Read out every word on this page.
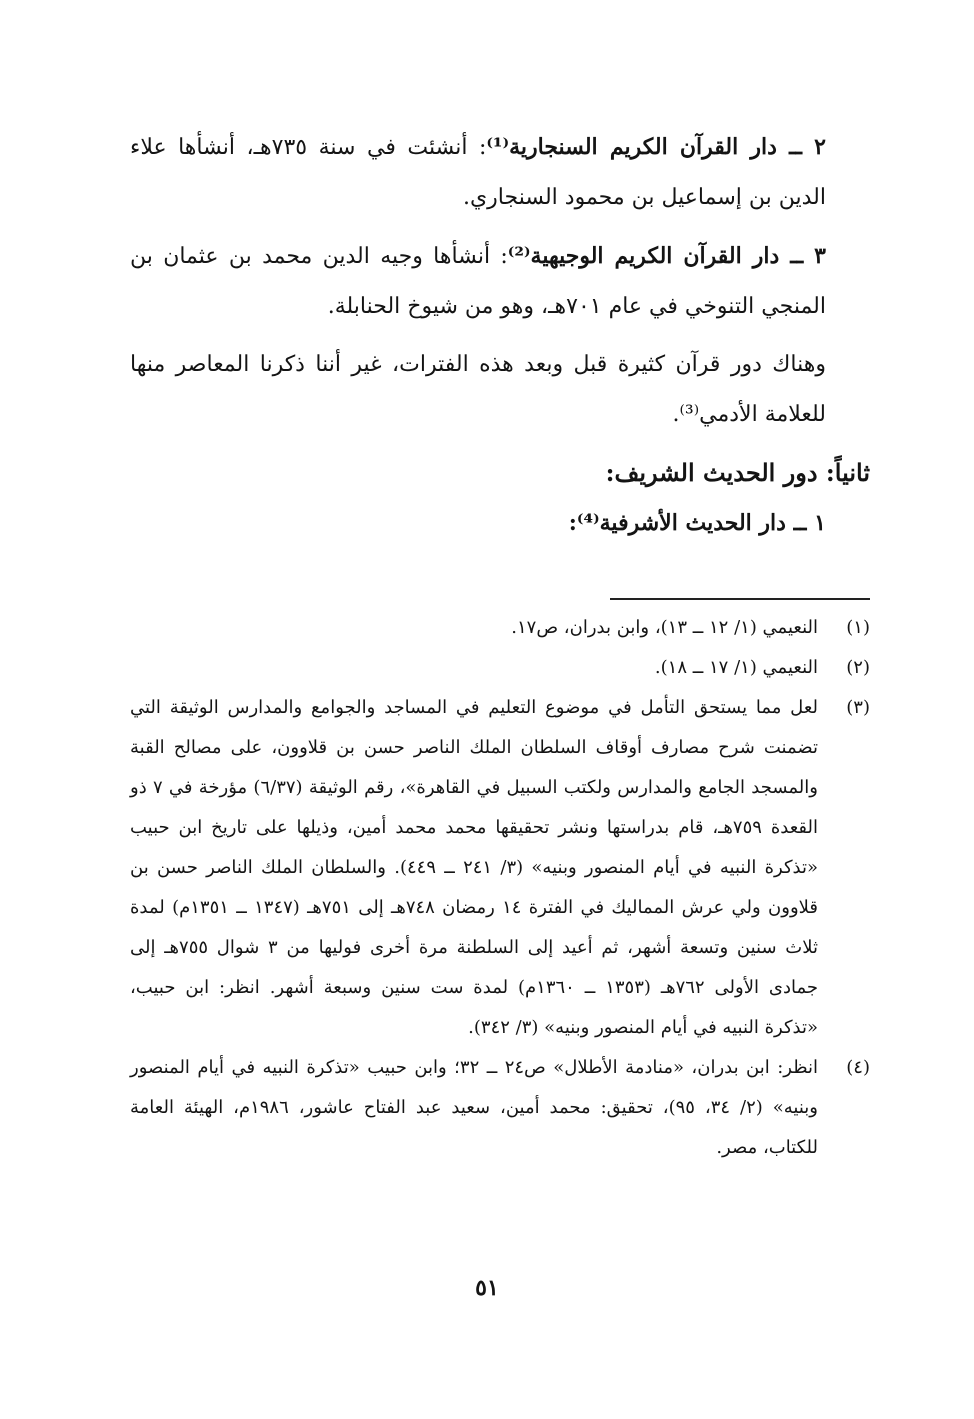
٢ ــ دار القرآن الكريم السنجارية⁽¹⁾: أنشئت في سنة ٧٣٥هـ، أنشأها علاء الدين بن إسماعيل بن محمود السنجاري.

٣ ــ دار القرآن الكريم الوجيهية⁽²⁾: أنشأها وجيه الدين محمد بن عثمان بن المنجي التنوخي في عام ٧٠١هـ، وهو من شيوخ الحنابلة.

وهناك دور قرآن كثيرة قبل وبعد هذه الفترات، غير أننا ذكرنا المعاصر منها للعلامة الأدمي⁽³⁾.

ثانياً: دور الحديث الشريف:
١ ــ دار الحديث الأشرفية⁽⁴⁾:
(١)
النعيمي (١/ ١٢ ــ ١٣)، وابن بدران، ص١٧.
(٢)
النعيمي (١/ ١٧ ــ ١٨).
(٣)
لعل مما يستحق التأمل في موضوع التعليم في المساجد والجوامع والمدارس الوثيقة التي تضمنت شرح مصارف أوقاف السلطان الملك الناصر حسن بن قلاوون، على مصالح القبة والمسجد الجامع والمدارس ولكتب السبيل في القاهرة»، رقم الوثيقة (٦/٣٧) مؤرخة في ٧ ذو القعدة ٧٥٩هـ، قام بدراستها ونشر تحقيقها محمد محمد أمين، وذيلها على تاريخ ابن حبيب «تذكرة النبيه في أيام المنصور وبنيه» (٣/ ٢٤١ ــ ٤٤٩). والسلطان الملك الناصر حسن بن قلاوون ولي عرش المماليك في الفترة ١٤ رمضان ٧٤٨هـ إلى ٧٥١هـ (١٣٤٧ ــ ١٣٥١م) لمدة ثلاث سنين وتسعة أشهر، ثم أعيد إلى السلطنة مرة أخرى فوليها من ٣ شوال ٧٥٥هـ إلى جمادى الأولى ٧٦٢هـ (١٣٥٣ ــ ١٣٦٠م) لمدة ست سنين وسبعة أشهر. انظر: ابن حبيب، «تذكرة النبيه في أيام المنصور وبنيه» (٣/ ٣٤٢).
(٤)
انظر: ابن بدران، «منادمة الأطلال» ص٢٤ ــ ٣٢؛ وابن حبيب «تذكرة النبيه في أيام المنصور وبنيه» (٢/ ٣٤، ٩٥)، تحقيق: محمد أمين، سعيد عبد الفتاح عاشور، ١٩٨٦م، الهيئة العامة للكتاب، مصر.
٥١
